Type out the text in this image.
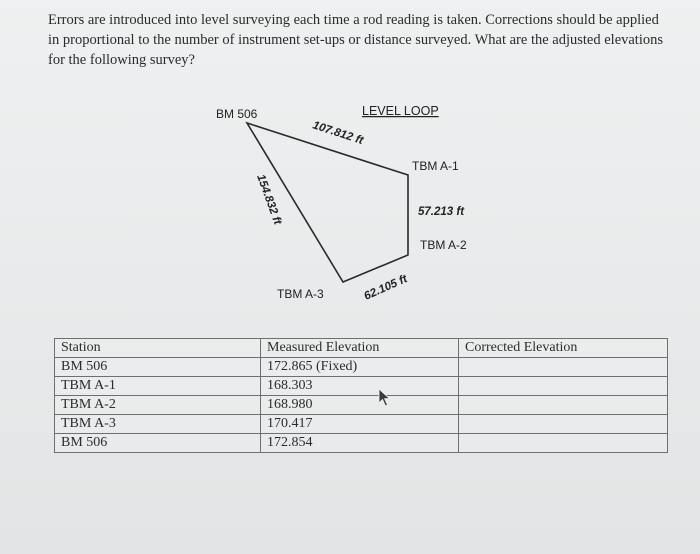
Errors are introduced into level surveying each time a rod reading is taken. Corrections should be applied in proportional to the number of instrument set-ups or distance surveyed. What are the adjusted elevations for the following survey?
BM 506	LEVEL LOOP
TBM A-1
TBM A-2
TBM A-3
107.812 ft
57.213 ft
62.105 ft
154.832 ft
Station	Measured Elevation	Corrected Elevation
BM 506	172.865 (Fixed)	
TBM A-1	168.303	
TBM A-2	168.980	
TBM A-3	170.417	
BM 506	172.854	
